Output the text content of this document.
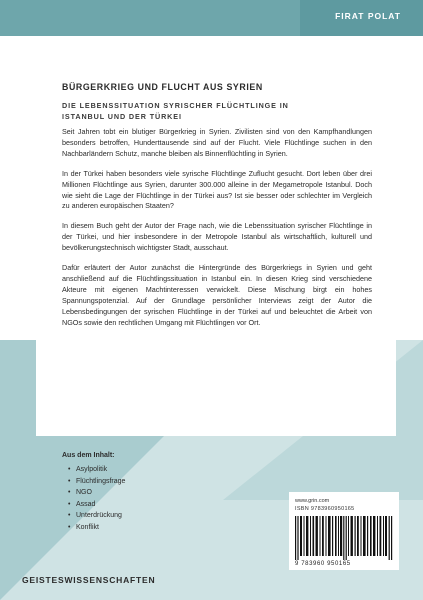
FIRAT POLAT
BÜRGERKRIEG UND FLUCHT AUS SYRIEN
DIE LEBENSSITUATION SYRISCHER FLÜCHTLINGE IN
ISTANBUL UND DER TÜRKEI

Seit Jahren tobt ein blutiger Bürgerkrieg in Syrien. Zivilisten sind von den Kampfhandlungen besonders betroffen, Hunderttausende sind auf der Flucht. Viele Flüchtlinge suchen in den Nachbarländern Schutz, manche bleiben als Binnenflüchtling in Syrien.

In der Türkei haben besonders viele syrische Flüchtlinge Zuflucht gesucht. Dort leben über drei Millionen Flüchtlinge aus Syrien, darunter 300.000 alleine in der Megametropole Istanbul. Doch wie sieht die Lage der Flüchtlinge in der Türkei aus? Ist sie besser oder schlechter im Vergleich zu anderen europäischen Staaten?

In diesem Buch geht der Autor der Frage nach, wie die Lebenssituation syrischer Flüchtlinge in der Türkei, und hier insbesondere in der Metropole Istanbul als wirtschaftlich, kulturell und bevölkerungstechnisch wichtigster Stadt, ausschaut.

Dafür erläutert der Autor zunächst die Hintergründe des Bürgerkriegs in Syrien und geht anschließend auf die Flüchtlingssituation in Istanbul ein. In diesen Krieg sind verschiedene Akteure mit eigenen Machtinteressen verwickelt. Diese Mischung birgt ein hohes Spannungspotenzial. Auf der Grundlage persönlicher Interviews zeigt der Autor die Lebensbedingungen der syrischen Flüchtlinge in der Türkei auf und beleuchtet die Arbeit von NGOs sowie den rechtlichen Umgang mit Flüchtlingen vor Ort.

Aus dem Inhalt:
• Asylpolitik
• Flüchtlingsfrage
• NGO
• Assad
• Unterdrückung
• Konflikt
www.grin.com
ISBN 9783960950165
9 783960 950165
GEISTESWISSENSCHAFTEN
